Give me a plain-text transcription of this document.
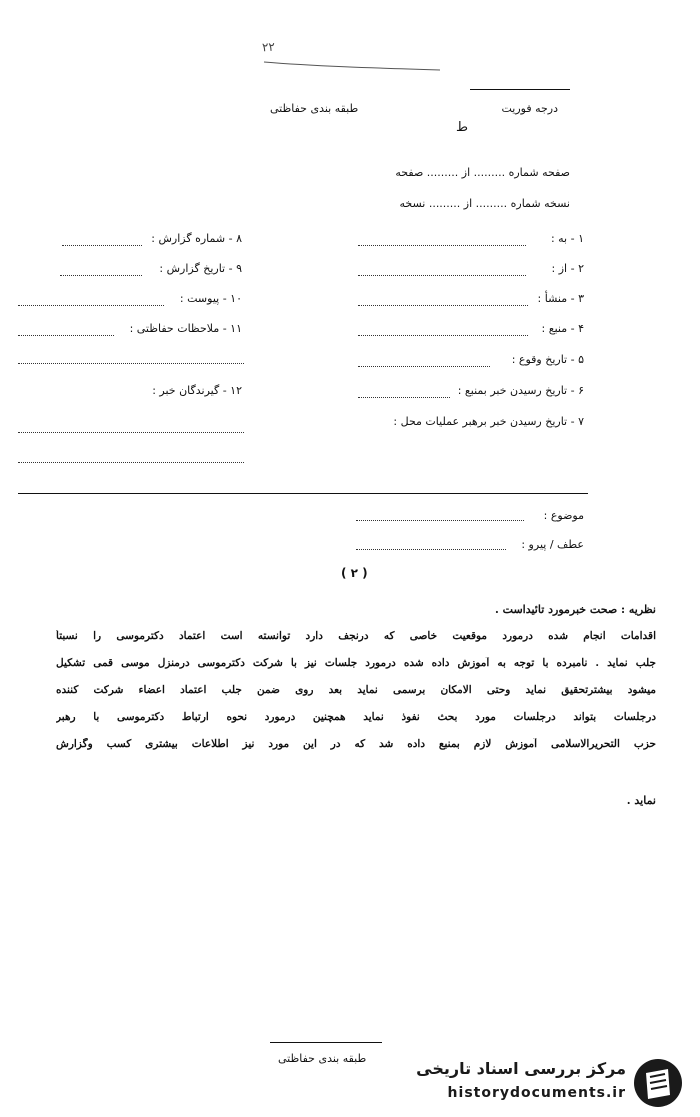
٢٢
درجه فوریت
طبقه بندی حفاظتی
ط
صفحه شماره ......... از ......... صفحه
نسخه شماره ......... از ......... نسخه
۱ - به :
۲ - از :
۳ - منشأ :
۴ - منبع :
۵ - تاریخ وقوع :
۶ - تاریخ رسیدن خبر بمنبع :
۷ - تاریخ رسیدن خبر برهبر عملیات محل :
۸ - شماره گزارش :
۹ - تاریخ گزارش :
۱۰ - پیوست :
۱۱ - ملاحظات حفاظتی :
۱۲ - گیرندگان خبر :
موضوع :
عطف / پیرو :
( ۲ )
نظریه : صحت خبرمورد تائیداست .
اقدامات انجام شده درمورد موقعیت خاصی که درنجف دارد توانسته است اعتماد دکترموسی را نسبتاً
جلب نماید . نامبرده با توجه به آموزش داده شده درمورد جلسات نیز با شرکت دکترموسی درمنزل موسی قمی تشکیل
میشود بیشترتحقیق نماید وحتی الامکان برسمی نماید بعد روی ضمن جلب اعتماد اعضاء شرکت کننده
درجلسات بتواند درجلسات مورد بحث نفوذ نماید همچنین درمورد نحوه ارتباط دکترموسی با رهبر
حزب التحریرالاسلامی آموزش لازم بمنبع داده شد که در این مورد نیز اطلاعات بیشتری کسب وگزارش
نماید .
طبقه بندی حفاظتی
مرکز بررسی اسناد تاریخی
historydocuments.ir
